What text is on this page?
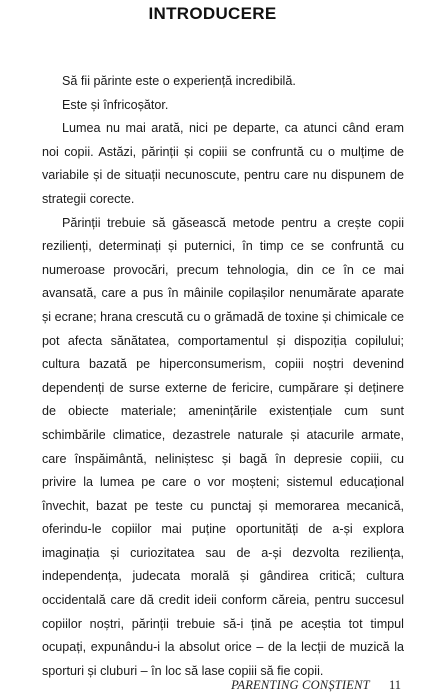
INTRODUCERE

Să fii părinte este o experiență incredibilă.

Este și înfricoșător.

Lumea nu mai arată, nici pe departe, ca atunci când eram noi copii. Astăzi, părinții și copiii se confruntă cu o mulțime de variabile și de situații necunoscute, pentru care nu dispunem de strategii corecte.

Părinții trebuie să găsească metode pentru a crește copii rezilienți, determinați și puternici, în timp ce se confruntă cu numeroase provocări, precum tehnologia, din ce în ce mai avansată, care a pus în mâinile copilașilor nenumărate aparate și ecrane; hrana crescută cu o grămadă de toxine și chimicale ce pot afecta sănătatea, comportamentul și dispoziția copilului; cultura bazată pe hiperconsumerism, copiii noștri devenind dependenți de surse externe de fericire, cumpărare și deținere de obiecte materiale; amenințările existențiale cum sunt schimbările climatice, dezastrele naturale și atacurile armate, care înspăimântă, neliniștesc și bagă în depresie copiii, cu privire la lumea pe care o vor moșteni; sistemul educațional învechit, bazat pe teste cu punctaj și memorarea mecanică, oferindu-le copiilor mai puține oportunități de a-și explora imaginația și curiozitatea sau de a-și dezvolta reziliența, independența, judecata morală și gândirea critică; cultura occidentală care dă credit ideii conform căreia, pentru succesul copiilor noștri, părinții trebuie să-i țină pe aceștia tot timpul ocupați, expunându-i la absolut orice – de la lecții de muzică la sporturi și cluburi – în loc să lase copiii să fie copii.

PARENTING CONȘTIENT 11
